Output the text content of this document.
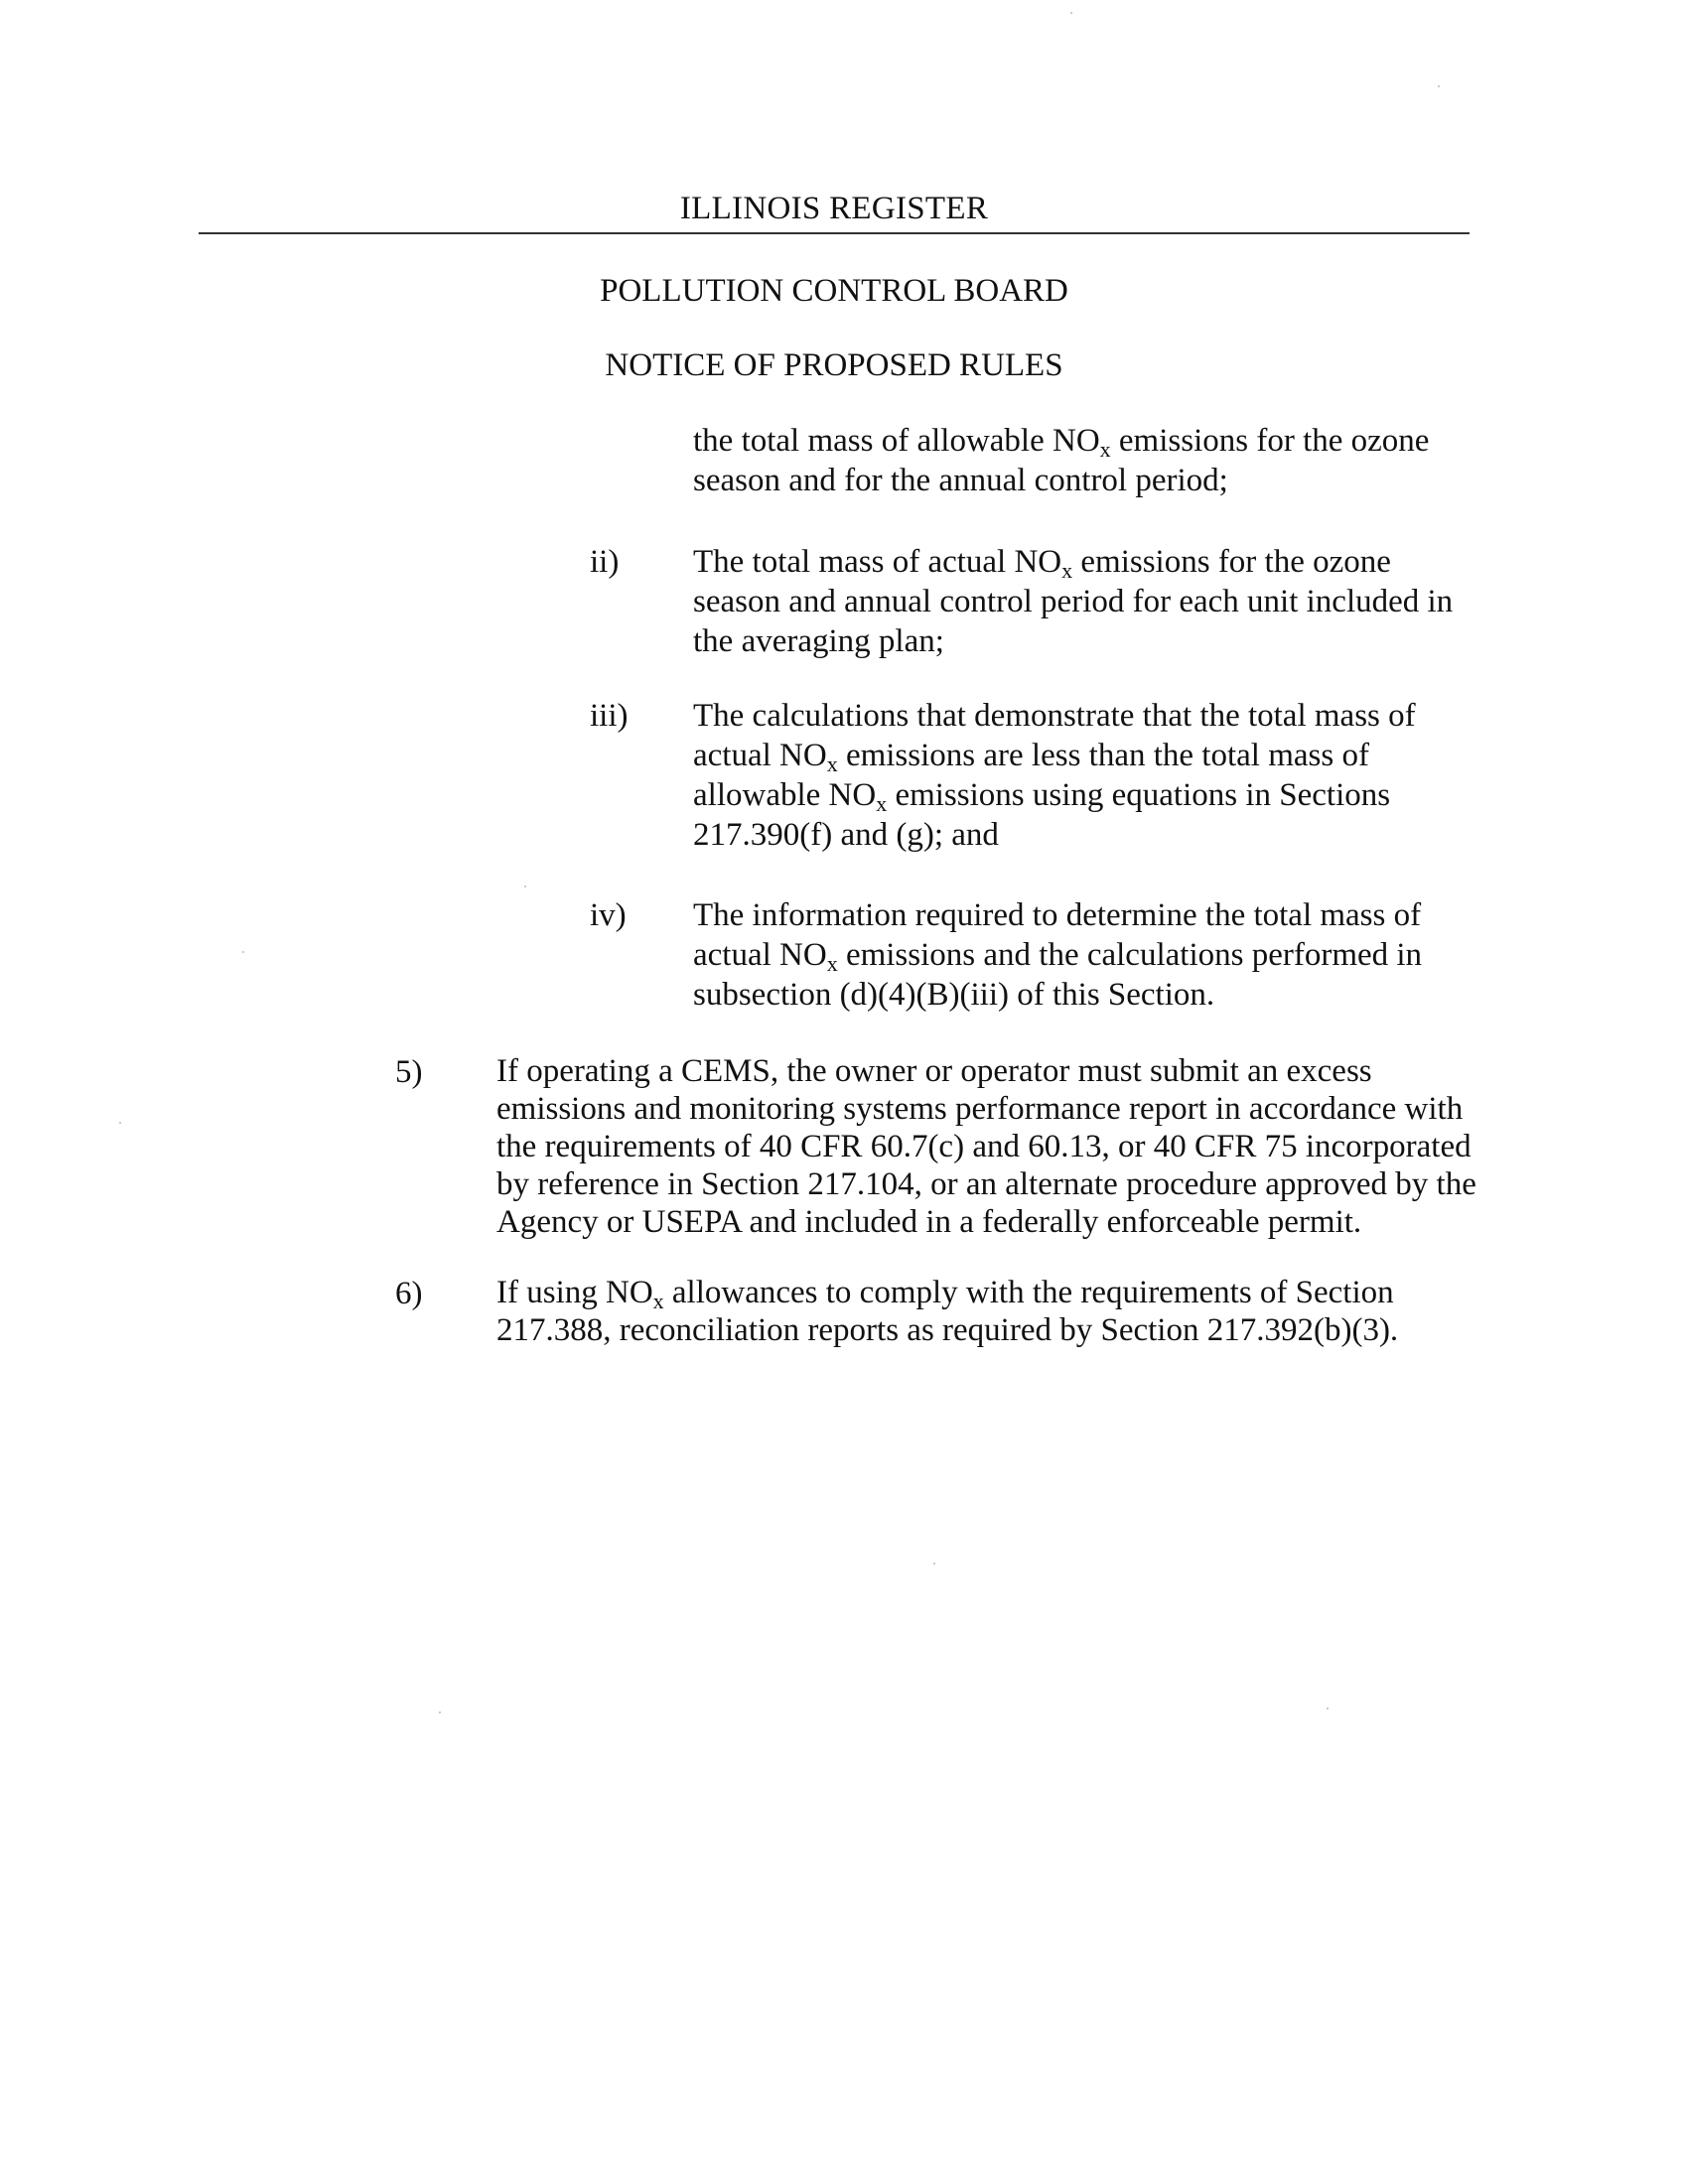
ILLINOIS REGISTER
POLLUTION CONTROL BOARD
NOTICE OF PROPOSED RULES
the total mass of allowable $NO_x$ emissions for the ozone
season and for the annual control period;
ii) The total mass of actual $NO_x$ emissions for the ozone
season and annual control period for each unit included in
the averaging plan;
iii) The calculations that demonstrate that the total mass of
actual $NO_x$ emissions are less than the total mass of
allowable $NO_x$ emissions using equations in Sections
217.390(f) and (g); and
iv) The information required to determine the total mass of
actual $NO_x$ emissions and the calculations performed in
subsection (d)(4)(B)(iii) of this Section.
5) If operating a CEMS, the owner or operator must submit an excess
emissions and monitoring systems performance report in accordance with
the requirements of 40 CFR 60.7(c) and 60.13, or 40 CFR 75 incorporated
by reference in Section 217.104, or an alternate procedure approved by the
Agency or USEPA and included in a federally enforceable permit.
6) If using $NO_x$ allowances to comply with the requirements of Section
217.388, reconciliation reports as required by Section 217.392(b)(3).
